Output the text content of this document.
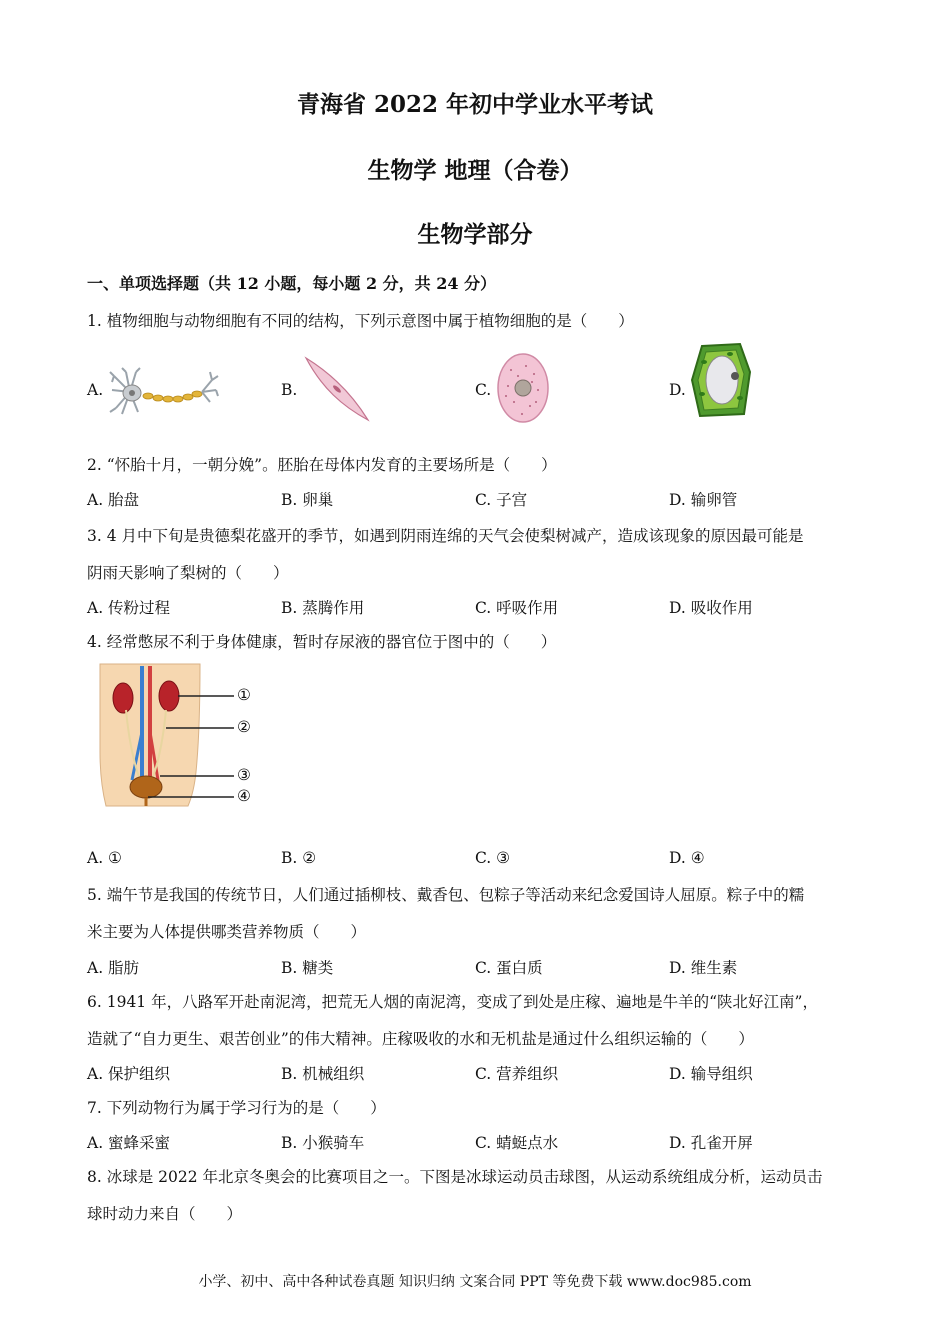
青海省 2022 年初中学业水平考试
生物学 地理（合卷）
生物学部分
一、单项选择题（共 12 小题，每小题 2 分，共 24 分）
1. 植物细胞与动物细胞有不同的结构，下列示意图中属于植物细胞的是（　　）
A.	B.	C.	D.
2. “怀胎十月，一朝分娩”。胚胎在母体内发育的主要场所是（　　）
A. 胎盘	B. 卵巢	C. 子宫	D. 输卵管
3. 4 月中下旬是贵德梨花盛开的季节，如遇到阴雨连绵的天气会使梨树减产，造成该现象的原因最可能是
阴雨天影响了梨树的（　　）
A. 传粉过程	B. 蒸腾作用	C. 呼吸作用	D. 吸收作用
4. 经常憋尿不利于身体健康，暂时存尿液的器官位于图中的（　　）
①
②
③
④
A. ①	B. ②	C. ③	D. ④
5. 端午节是我国的传统节日，人们通过插柳枝、戴香包、包粽子等活动来纪念爱国诗人屈原。粽子中的糯
米主要为人体提供哪类营养物质（　　）
A. 脂肪	B. 糖类	C. 蛋白质	D. 维生素
6. 1941 年，八路军开赴南泥湾，把荒无人烟的南泥湾，变成了到处是庄稼、遍地是牛羊的“陕北好江南”，
造就了“自力更生、艰苦创业”的伟大精神。庄稼吸收的水和无机盐是通过什么组织运输的（　　）
A. 保护组织	B. 机械组织	C. 营养组织	D. 输导组织
7. 下列动物行为属于学习行为的是（　　）
A. 蜜蜂采蜜	B. 小猴骑车	C. 蜻蜓点水	D. 孔雀开屏
8. 冰球是 2022 年北京冬奥会的比赛项目之一。下图是冰球运动员击球图，从运动系统组成分析，运动员击
球时动力来自（　　）
小学、初中、高中各种试卷真题 知识归纳 文案合同 PPT 等免费下载 www.doc985.com
